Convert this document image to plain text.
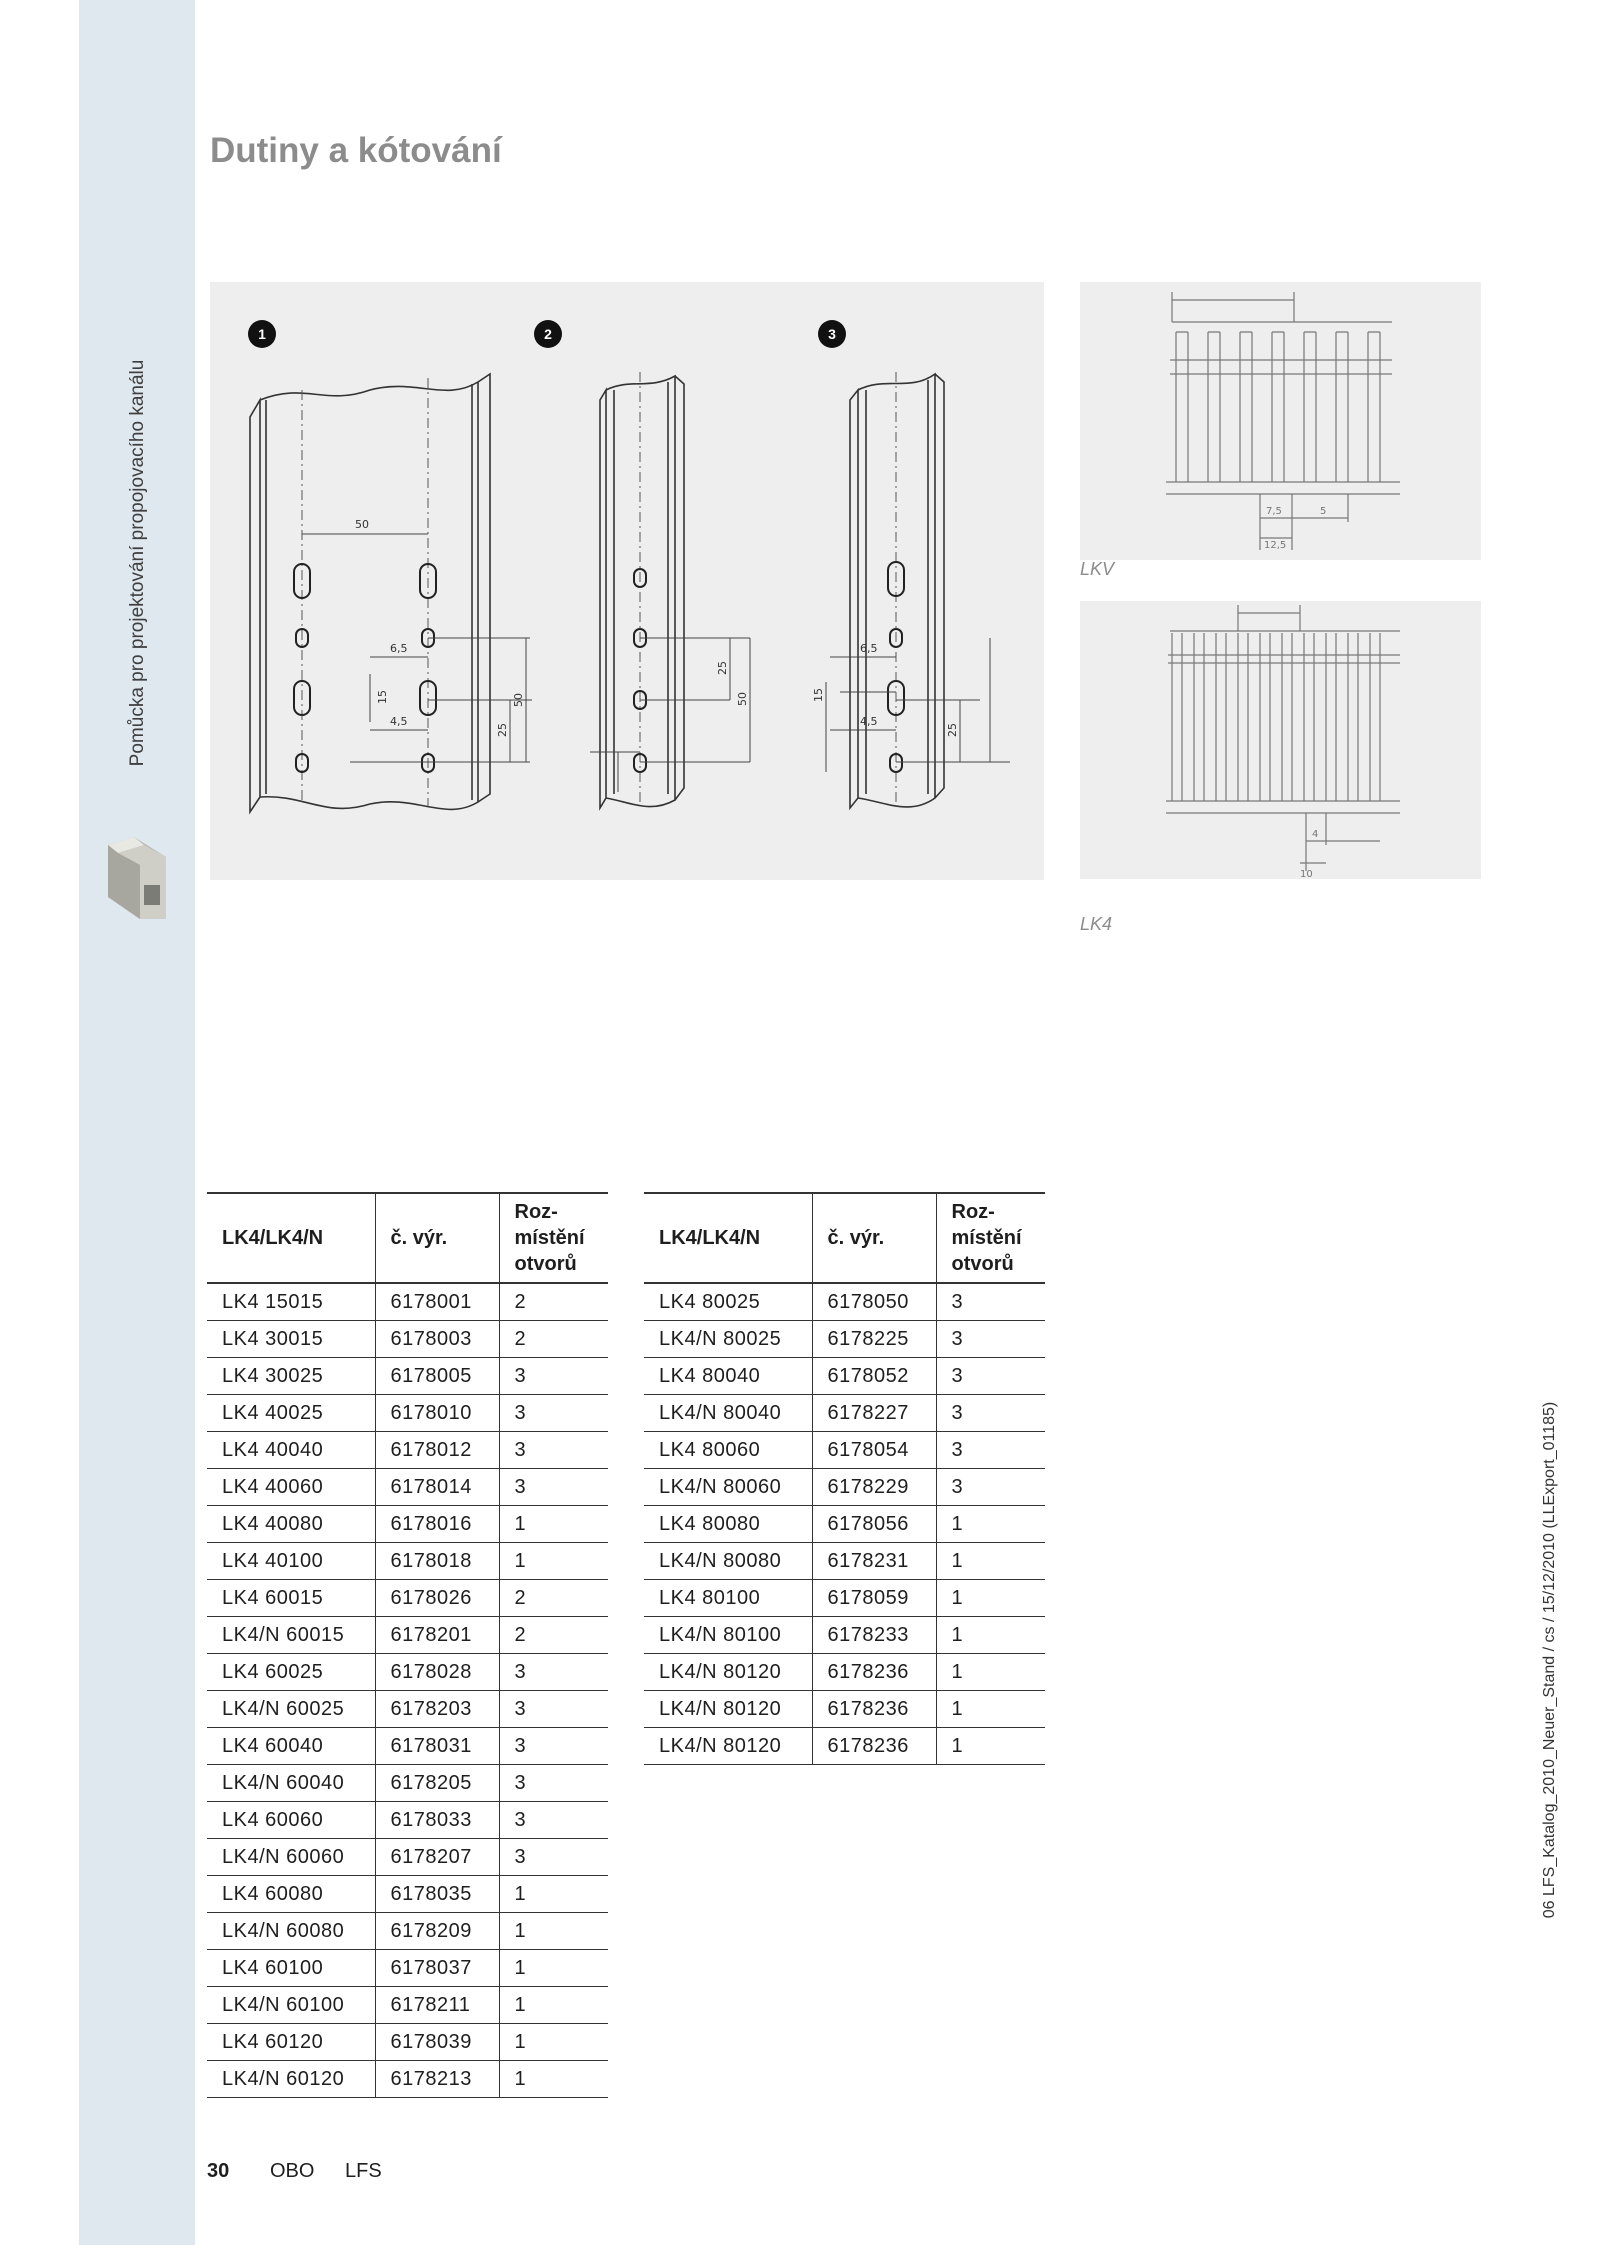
Pomůcka pro projektování propojovacího kanálu
Dutiny a kótování
50
6,5
15
4,5
25
50
25
50
6,5
15
4,5
25
1	2	3
7,5	5
12,5
LKV
4
10
LK4
LK4/LK4/N	č. výr.	Roz-
místění
otvorů
LK4 15015	6178001	2
LK4 30015	6178003	2
LK4 30025	6178005	3
LK4 40025	6178010	3
LK4 40040	6178012	3
LK4 40060	6178014	3
LK4 40080	6178016	1
LK4 40100	6178018	1
LK4 60015	6178026	2
LK4/N 60015	6178201	2
LK4 60025	6178028	3
LK4/N 60025	6178203	3
LK4 60040	6178031	3
LK4/N 60040	6178205	3
LK4 60060	6178033	3
LK4/N 60060	6178207	3
LK4 60080	6178035	1
LK4/N 60080	6178209	1
LK4 60100	6178037	1
LK4/N 60100	6178211	1
LK4 60120	6178039	1
LK4/N 60120	6178213	1
LK4/LK4/N	č. výr.	Roz-
místění
otvorů
LK4 80025	6178050	3
LK4/N 80025	6178225	3
LK4 80040	6178052	3
LK4/N 80040	6178227	3
LK4 80060	6178054	3
LK4/N 80060	6178229	3
LK4 80080	6178056	1
LK4/N 80080	6178231	1
LK4 80100	6178059	1
LK4/N 80100	6178233	1
LK4/N 80120	6178236	1
LK4/N 80120	6178236	1
LK4/N 80120	6178236	1
30 OBO LFS
06 LFS_Katalog_2010_Neuer_Stand / cs / 15/12/2010 (LLExport_01185)
